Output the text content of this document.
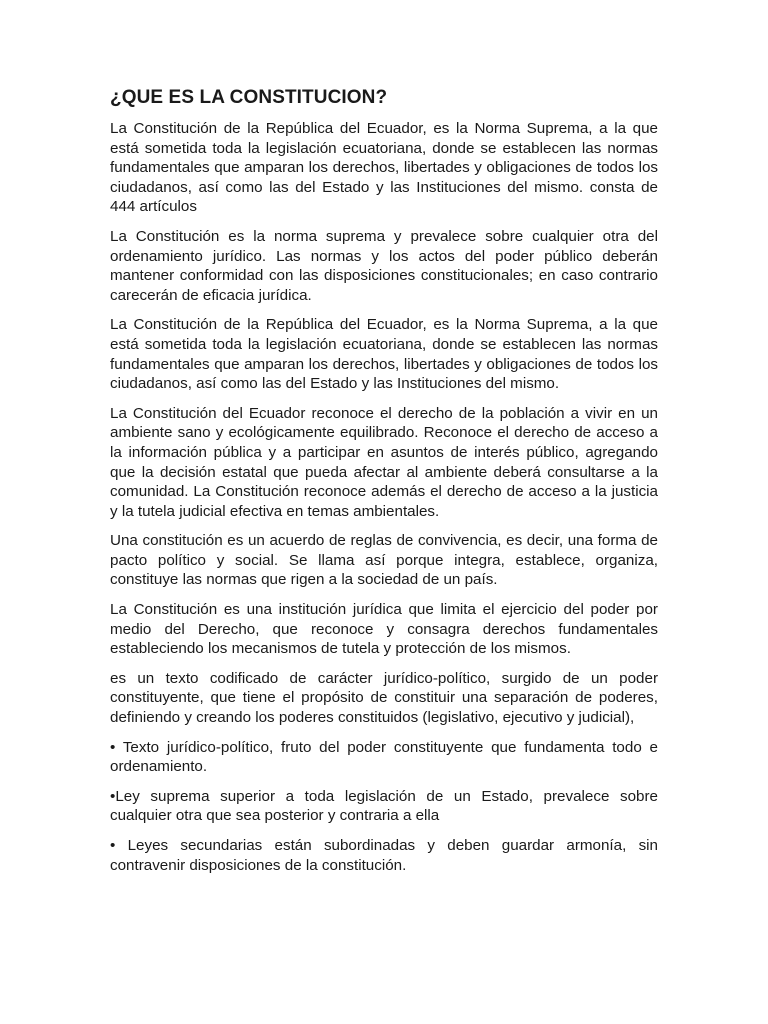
¿QUE ES LA CONSTITUCION?

La Constitución de la República del Ecuador, es la Norma Suprema, a la que está sometida toda la legislación ecuatoriana, donde se establecen las normas fundamentales que amparan los derechos, libertades y obligaciones de todos los ciudadanos, así como las del Estado y las Instituciones del mismo. consta de 444 artículos

La Constitución es la norma suprema y prevalece sobre cualquier otra del ordenamiento jurídico. Las normas y los actos del poder público deberán mantener conformidad con las disposiciones constitucionales; en caso contrario carecerán de eficacia jurídica.

La Constitución de la República del Ecuador, es la Norma Suprema, a la que está sometida toda la legislación ecuatoriana, donde se establecen las normas fundamentales que amparan los derechos, libertades y obligaciones de todos los ciudadanos, así como las del Estado y las Instituciones del mismo.

La Constitución del Ecuador reconoce el derecho de la población a vivir en un ambiente sano y ecológicamente equilibrado. Reconoce el derecho de acceso a la información pública y a participar en asuntos de interés público, agregando que la decisión estatal que pueda afectar al ambiente deberá consultarse a la comunidad. La Constitución reconoce además el derecho de acceso a la justicia y la tutela judicial efectiva en temas ambientales.

Una constitución es un acuerdo de reglas de convivencia, es decir, una forma de pacto político y social. Se llama así porque integra, establece, organiza, constituye las normas que rigen a la sociedad de un país.

La Constitución es una institución jurídica que limita el ejercicio del poder por medio del Derecho, que reconoce y consagra derechos fundamentales estableciendo los mecanismos de tutela y protección de los mismos.

es un texto codificado de carácter jurídico-político, surgido de un poder constituyente, que tiene el propósito de constituir una separación de poderes, definiendo y creando los poderes constituidos (legislativo, ejecutivo y judicial),

• Texto jurídico-político, fruto del poder constituyente que fundamenta todo e ordenamiento.

•Ley suprema superior a toda legislación de un Estado, prevalece sobre cualquier otra que sea posterior y contraria a ella

• Leyes secundarias están subordinadas y deben guardar armonía, sin contravenir disposiciones de la constitución.
